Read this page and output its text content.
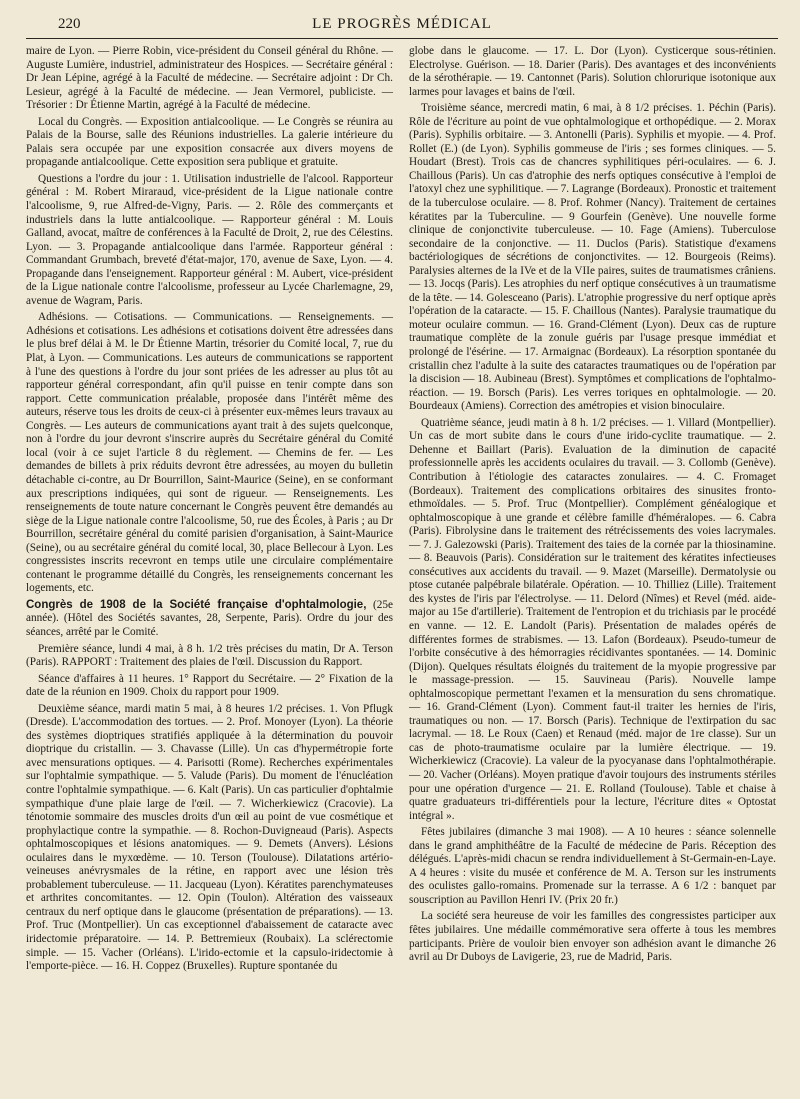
220	LE PROGRÈS MÉDICAL

maire de Lyon. — Pierre Robin, vice-président du Conseil général du Rhône. — Auguste Lumière, industriel, administrateur des Hospices. — Secrétaire général : Dr Jean Lépine, agrégé à la Faculté de médecine. — Secrétaire adjoint : Dr Ch. Lesieur, agrégé à la Faculté de médecine. — Jean Vermorel, publiciste. — Trésorier : Dr Étienne Martin, agrégé à la Faculté de médecine.

Local du Congrès. — Exposition antialcoolique. — Le Congrès se réunira au Palais de la Bourse, salle des Réunions industrielles. La galerie intérieure du Palais sera occupée par une exposition consacrée aux divers moyens de propagande antialcoolique. Cette exposition sera publique et gratuite.

Questions a l'ordre du jour : 1. Utilisation industrielle de l'alcool. Rapporteur général : M. Robert Miraraud, vice-président de la Ligue nationale contre l'alcoolisme, 9, rue Alfred-de-Vigny, Paris. — 2. Rôle des commerçants et industriels dans la lutte antialcoolique. — Rapporteur général : M. Louis Galland, avocat, maître de conférences à la Faculté de Droit, 2, rue des Célestins. Lyon. — 3. Propagande antialcoolique dans l'armée. Rapporteur général : Commandant Grumbach, breveté d'état-major, 170, avenue de Saxe, Lyon. — 4. Propagande dans l'enseignement. Rapporteur général : M. Aubert, vice-président de la Ligue nationale contre l'alcoolisme, professeur au Lycée Charlemagne, 29, avenue de Wagram, Paris.

Adhésions. — Cotisations. — Communications. — Renseignements. — Adhésions et cotisations. Les adhésions et cotisations doivent être adressées dans le plus bref délai à M. le Dr Étienne Martin, trésorier du Comité local, 7, rue du Plat, à Lyon. — Communications. Les auteurs de communications se rapportent à l'une des questions à l'ordre du jour sont priées de les adresser au plus tôt au rapporteur général correspondant, afin qu'il puisse en tenir compte dans son rapport. Cette communication préalable, proposée dans l'intérêt même des auteurs, réserve tous les droits de ceux-ci à présenter eux-mêmes leurs travaux au Congrès. — Les auteurs de communications ayant trait à des sujets quelconque, non à l'ordre du jour devront s'inscrire auprès du Secrétaire général du Comité local (voir à ce sujet l'article 8 du règlement. — Chemins de fer. — Les demandes de billets à prix réduits devront être adressées, au moyen du bulletin détachable ci-contre, au Dr Bourrillon, Saint-Maurice (Seine), en se conformant aux prescriptions indiquées, qui sont de rigueur. — Renseignements. Les renseignements de toute nature concernant le Congrès peuvent être demandés au siège de la Ligue nationale contre l'alcoolisme, 50, rue des Écoles, à Paris ; au Dr Bourrillon, secrétaire général du comité parisien d'organisation, à Saint-Maurice (Seine), ou au secrétaire général du comité local, 30, place Bellecour à Lyon. Les congressistes inscrits recevront en temps utile une circulaire complémentaire contenant le programme détaillé du Congrès, les renseignements concernant les logements, etc.

Congrès de 1908 de la Société française d'ophtalmologie, (25e année). (Hôtel des Sociétés savantes, 28, Serpente, Paris). Ordre du jour des séances, arrêté par le Comité.

Première séance, lundi 4 mai, à 8 h. 1/2 très précises du matin, Dr A. Terson (Paris). RAPPORT : Traitement des plaies de l'œil. Discussion du Rapport.

Séance d'affaires à 11 heures. 1° Rapport du Secrétaire. — 2° Fixation de la date de la réunion en 1909. Choix du rapport pour 1909.

Deuxième séance, mardi matin 5 mai, à 8 heures 1/2 précises. 1. Von Pflugk (Dresde). L'accommodation des tortues. — 2. Prof. Monoyer (Lyon). La théorie des systèmes dioptriques stratifiés appliquée à la détermination du pouvoir dioptrique du cristallin. — 3. Chavasse (Lille). Un cas d'hypermétropie forte avec mensurations optiques. — 4. Parisotti (Rome). Recherches expérimentales sur l'ophtalmie sympathique. — 5. Valude (Paris). Du moment de l'énucléation contre l'ophtalmie sympathique. — 6. Kalt (Paris). Un cas particulier d'ophtalmie sympathique d'une plaie large de l'œil. — 7. Wicherkiewicz (Cracovie). La ténotomie sommaire des muscles droits d'un œil au point de vue cosmétique et prophylactique contre la sympathie. — 8. Rochon-Duvigneaud (Paris). Aspects ophtalmoscopiques et lésions anatomiques. — 9. Demets (Anvers). Lésions oculaires dans le myxœdème. — 10. Terson (Toulouse). Dilatations artério-veineuses anévrysmales de la rétine, en rapport avec une lésion très probablement tuberculeuse. — 11. Jacqueau (Lyon). Kératites parenchymateuses et arthrites concomitantes. — 12. Opin (Toulon). Altération des vaisseaux centraux du nerf optique dans le glaucome (présentation de préparations). — 13. Prof. Truc (Montpellier). Un cas exceptionnel d'abaissement de cataracte avec iridectomie préparatoire. — 14. P. Bettremieux (Roubaix). La sclérectomie simple. — 15. Vacher (Orléans). L'irido-ectomie et la capsulo-iridectomie à l'emporte-pièce. — 16. H. Coppez (Bruxelles). Rupture spontanée du

globe dans le glaucome. — 17. L. Dor (Lyon). Cysticerque sous-rétinien. Electrolyse. Guérison. — 18. Darier (Paris). Des avantages et des inconvénients de la sérothérapie. — 19. Cantonnet (Paris). Solution chlorurique isotonique aux larmes pour lavages et bains de l'œil.

Troisième séance, mercredi matin, 6 mai, à 8 1/2 précises. 1. Péchin (Paris). Rôle de l'écriture au point de vue ophtalmologique et orthopédique. — 2. Morax (Paris). Syphilis orbitaire. — 3. Antonelli (Paris). Syphilis et myopie. — 4. Prof. Rollet (E.) (de Lyon). Syphilis gommeuse de l'iris ; ses formes cliniques. — 5. Houdart (Brest). Trois cas de chancres syphilitiques péri-oculaires. — 6. J. Chaillous (Paris). Un cas d'atrophie des nerfs optiques consécutive à l'emploi de l'atoxyl chez une syphilitique. — 7. Lagrange (Bordeaux). Pronostic et traitement de la tuberculose oculaire. — 8. Prof. Rohmer (Nancy). Traitement de certaines kératites par la Tuberculine. — 9 Gourfein (Genève). Une nouvelle forme clinique de conjonctivite tuberculeuse. — 10. Fage (Amiens). Tuberculose secondaire de la conjonctive. — 11. Duclos (Paris). Statistique d'examens bactériologiques de sécrétions de conjonctivites. — 12. Bourgeois (Reims). Paralysies alternes de la IVe et de la VIIe paires, suites de traumatismes crâniens. — 13. Jocqs (Paris). Les atrophies du nerf optique consécutives à un traumatisme de la tête. — 14. Golesceano (Paris). L'atrophie progressive du nerf optique après l'opération de la cataracte. — 15. F. Chaillous (Nantes). Paralysie traumatique du moteur oculaire commun. — 16. Grand-Clément (Lyon). Deux cas de rupture traumatique complète de la zonule guéris par l'usage presque immédiat et prolongé de l'ésérine. — 17. Armaignac (Bordeaux). La résorption spontanée du cristallin chez l'adulte à la suite des cataractes traumatiques ou de l'opération par la discision — 18. Aubineau (Brest). Symptômes et complications de l'ophtalmo-réaction. — 19. Borsch (Paris). Les verres toriques en ophtalmologie. — 20. Bourdeaux (Amiens). Correction des amétropies et vision binoculaire.

Quatrième séance, jeudi matin à 8 h. 1/2 précises. — 1. Villard (Montpellier). Un cas de mort subite dans le cours d'une irido-cyclite traumatique. — 2. Dehenne et Baillart (Paris). Evaluation de la diminution de capacité professionnelle après les accidents oculaires du travail. — 3. Collomb (Genève). Contribution à l'étiologie des cataractes zonulaires. — 4. C. Fromaget (Bordeaux). Traitement des complications orbitaires des sinusites fronto-ethmoïdales. — 5. Prof. Truc (Montpellier). Complément généalogique et ophtalmoscopique à une grande et célèbre famille d'héméralopes. — 6. Cabra (Paris). Fibrolysine dans le traitement des rétrécissements des voies lacrymales. — 7. J. Galezowski (Paris). Traitement des taies de la cornée par la thiosinamine. — 8. Beauvois (Paris). Considération sur le traitement des kératites infectieuses consécutives aux accidents du travail. — 9. Mazet (Marseille). Dermatolysie ou ptose cutanée palpébrale bilatérale. Opération. — 10. Thilliez (Lille). Traitement des kystes de l'iris par l'électrolyse. — 11. Delord (Nîmes) et Revel (méd. aide-major au 15e d'artillerie). Traitement de l'entropion et du trichiasis par le procédé en vanne. — 12. E. Landolt (Paris). Présentation de malades opérés de différentes formes de strabismes. — 13. Lafon (Bordeaux). Pseudo-tumeur de l'orbite consécutive à des hémorragies récidivantes spontanées. — 14. Dominic (Dijon). Quelques résultats éloignés du traitement de la myopie progressive par le massage-pression. — 15. Sauvineau (Paris). Nouvelle lampe ophtalmoscopique permettant l'examen et la mensuration du sens chromatique. — 16. Grand-Clément (Lyon). Comment faut-il traiter les hernies de l'iris, traumatiques ou non. — 17. Borsch (Paris). Technique de l'extirpation du sac lacrymal. — 18. Le Roux (Caen) et Renaud (méd. major de 1re classe). Sur un cas de photo-traumatisme oculaire par la lumière électrique. — 19. Wicherkiewicz (Cracovie). La valeur de la pyocyanase dans l'ophtalmothérapie. — 20. Vacher (Orléans). Moyen pratique d'avoir toujours des instruments stériles pour une opération d'urgence — 21. E. Rolland (Toulouse). Table et chaise à quatre graduateurs tri-différentiels pour la lecture, l'écriture dites « Optostat intégral ».

Fêtes jubilaires (dimanche 3 mai 1908). — A 10 heures : séance solennelle dans le grand amphithéâtre de la Faculté de médecine de Paris. Réception des délégués. L'après-midi chacun se rendra individuellement à St-Germain-en-Laye. A 4 heures : visite du musée et conférence de M. A. Terson sur les instruments des oculistes gallo-romains. Promenade sur la terrasse. A 6 1/2 : banquet par souscription au Pavillon Henri IV. (Prix 20 fr.)

La société sera heureuse de voir les familles des congressistes participer aux fêtes jubilaires. Une médaille commémorative sera offerte à tous les membres participants. Prière de vouloir bien envoyer son adhésion avant le dimanche 26 avril au Dr Duboys de Lavigerie, 23, rue de Madrid, Paris.
